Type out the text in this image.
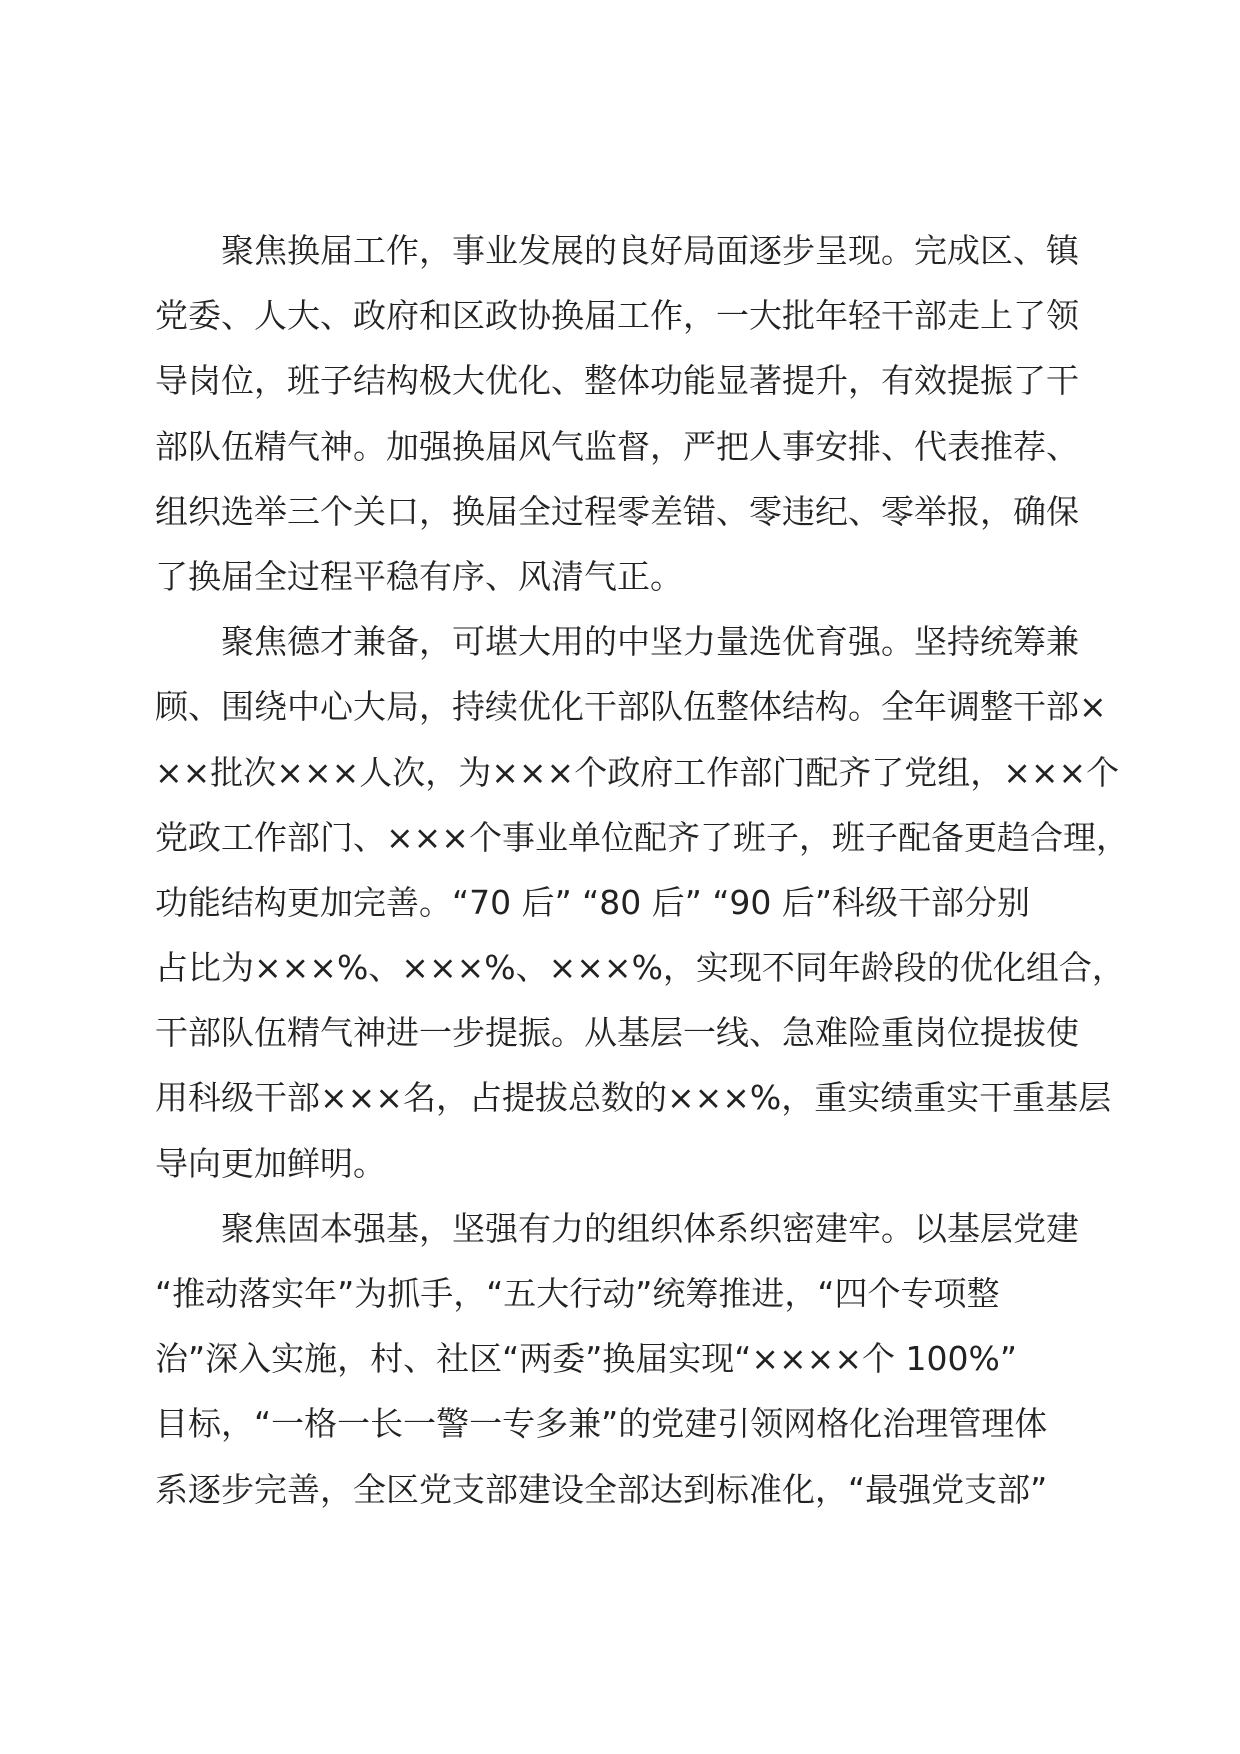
聚焦换届工作，事业发展的良好局面逐步呈现。完成区、镇
党委、人大、政府和区政协换届工作，一大批年轻干部走上了领
导岗位，班子结构极大优化、整体功能显著提升，有效提振了干
部队伍精气神。加强换届风气监督，严把人事安排、代表推荐、
组织选举三个关口，换届全过程零差错、零违纪、零举报，确保
了换届全过程平稳有序、风清气正。
聚焦德才兼备，可堪大用的中坚力量选优育强。坚持统筹兼
顾、围绕中心大局，持续优化干部队伍整体结构。全年调整干部×
××批次×××人次，为×××个政府工作部门配齐了党组，×××个
党政工作部门、×××个事业单位配齐了班子，班子配备更趋合理，
功能结构更加完善。“70 后” “80 后” “90 后”科级干部分别
占比为×××%、×××%、×××%，实现不同年龄段的优化组合，
干部队伍精气神进一步提振。从基层一线、急难险重岗位提拔使
用科级干部×××名，占提拔总数的×××%，重实绩重实干重基层
导向更加鲜明。
聚焦固本强基，坚强有力的组织体系织密建牢。以基层党建
“推动落实年”为抓手，“五大行动”统筹推进，“四个专项整
治”深入实施，村、社区“两委”换届实现“××××个 100%”
目标，“一格一长一警一专多兼”的党建引领网格化治理管理体
系逐步完善，全区党支部建设全部达到标准化，“最强党支部”
